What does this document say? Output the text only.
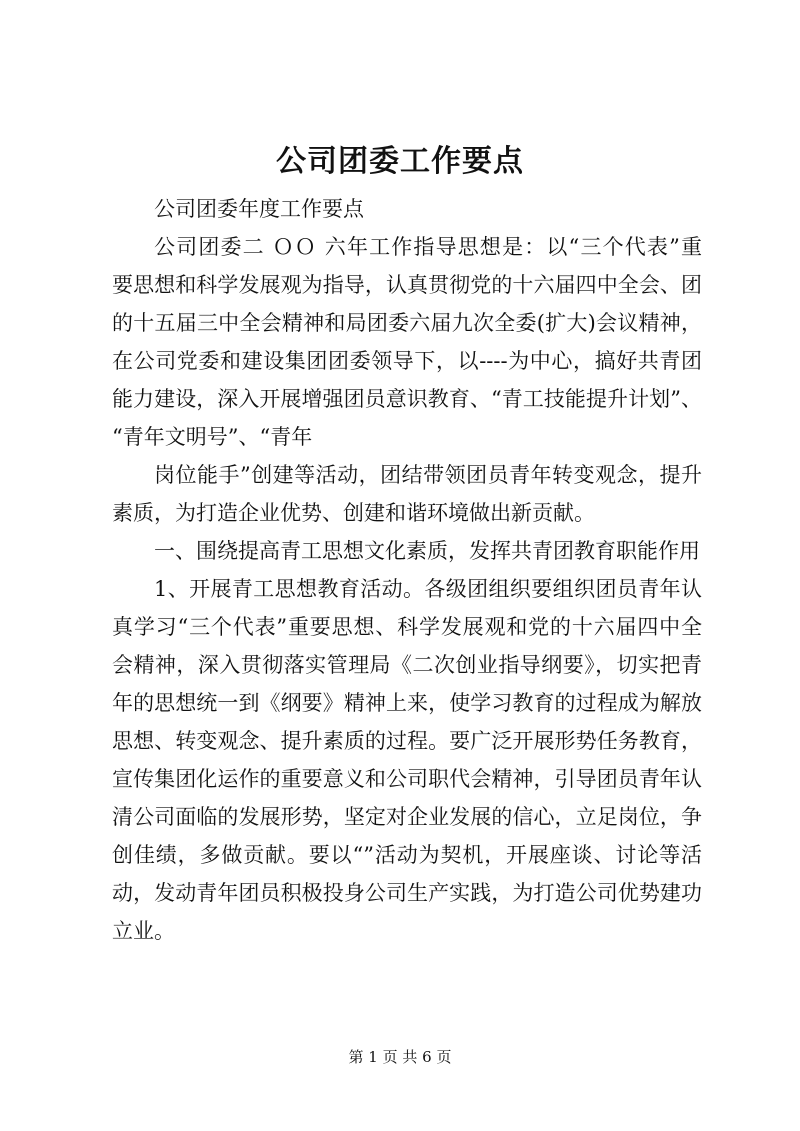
公司团委工作要点
公司团委年度工作要点
公司团委二 ＯＯ 六年工作指导思想是：以“三个代表”重
要思想和科学发展观为指导，认真贯彻党的十六届四中全会、团
的十五届三中全会精神和局团委六届九次全委(扩大)会议精神，
在公司党委和建设集团团委领导下，以----为中心，搞好共青团
能力建设，深入开展增强团员意识教育、“青工技能提升计划”、
“青年文明号”、“青年
岗位能手”创建等活动，团结带领团员青年转变观念，提升
素质，为打造企业优势、创建和谐环境做出新贡献。
一、围绕提高青工思想文化素质，发挥共青团教育职能作用
1、开展青工思想教育活动。各级团组织要组织团员青年认
真学习“三个代表”重要思想、科学发展观和党的十六届四中全
会精神，深入贯彻落实管理局《二次创业指导纲要》，切实把青
年的思想统一到《纲要》精神上来，使学习教育的过程成为解放
思想、转变观念、提升素质的过程。要广泛开展形势任务教育，
宣传集团化运作的重要意义和公司职代会精神，引导团员青年认
清公司面临的发展形势，坚定对企业发展的信心，立足岗位，争
创佳绩，多做贡献。要以“”活动为契机，开展座谈、讨论等活
动，发动青年团员积极投身公司生产实践，为打造公司优势建功
立业。
第 1 页 共 6 页
